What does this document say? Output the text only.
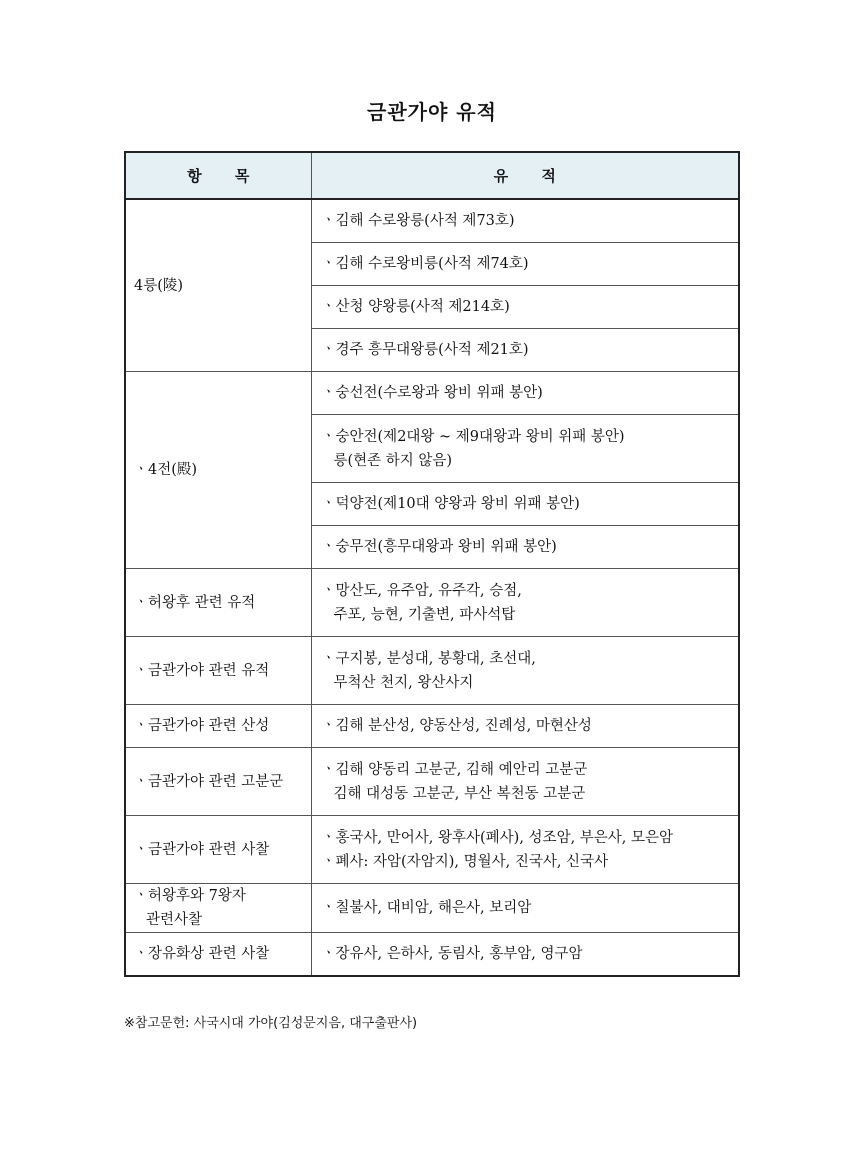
금관가야 유적
항 목	유 적

4릉(陵)	ㆍ김해 수로왕릉(사적 제73호)

	ㆍ김해 수로왕비릉(사적 제74호)

	ㆍ산청 양왕릉(사적 제214호)

	ㆍ경주 흥무대왕릉(사적 제21호)

ㆍ4전(殿)	ㆍ숭선전(수로왕과 왕비 위패 봉안)

	ㆍ숭안전(제2대왕 ~ 제9대왕과 왕비 위패 봉안)
릉(현존 하지 않음)

	ㆍ덕양전(제10대 양왕과 왕비 위패 봉안)

	ㆍ숭무전(흥무대왕과 왕비 위패 봉안)

ㆍ허왕후 관련 유적	ㆍ망산도, 유주암, 유주각, 승점,
주포, 능현, 기출변, 파사석탑

ㆍ금관가야 관련 유적	ㆍ구지봉, 분성대, 봉황대, 초선대,
무척산 천지, 왕산사지

ㆍ금관가야 관련 산성	ㆍ김해 분산성, 양동산성, 진례성, 마현산성

ㆍ금관가야 관련 고분군	ㆍ김해 양동리 고분군, 김해 예안리 고분군
김해 대성동 고분군, 부산 복천동 고분군

ㆍ금관가야 관련 사찰	ㆍ홍국사, 만어사, 왕후사(폐사), 성조암, 부은사, 모은암
ㆍ폐사: 자암(자암지), 명월사, 진국사, 신국사

ㆍ허왕후와 7왕자
관련사찰	ㆍ칠불사, 대비암, 해은사, 보리암

ㆍ장유화상 관련 사찰	ㆍ장유사, 은하사, 동림사, 홍부암, 영구암
※참고문헌: 사국시대 가야(김성문지음, 대구출판사)
